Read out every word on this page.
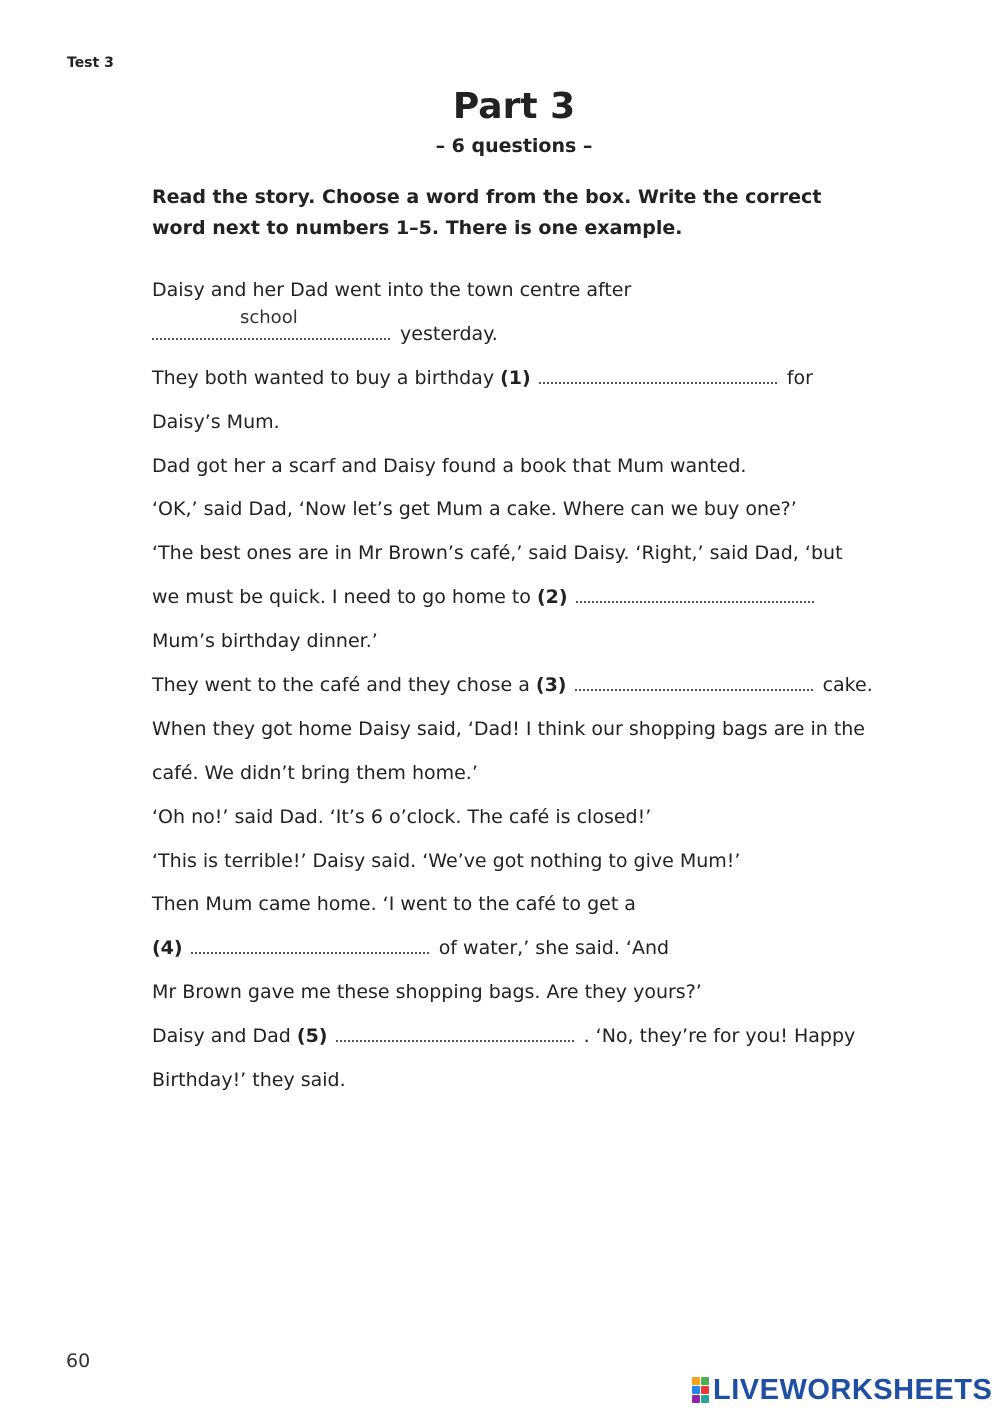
Test 3
Part 3
– 6 questions –

Read the story. Choose a word from the box. Write the correct word next to numbers 1–5. There is one example.

Daisy and her Dad went into the town centre after
school
yesterday.
They both wanted to buy a birthday (1)	for
Daisy’s Mum.
Dad got her a scarf and Daisy found a book that Mum wanted.
‘OK,’ said Dad, ‘Now let’s get Mum a cake. Where can we buy one?’
‘The best ones are in Mr Brown’s café,’ said Daisy. ‘Right,’ said Dad, ‘but
we must be quick. I need to go home to (2)
Mum’s birthday dinner.’
They went to the café and they chose a (3)	cake.
When they got home Daisy said, ‘Dad! I think our shopping bags are in the
café. We didn’t bring them home.’
‘Oh no!’ said Dad. ‘It’s 6 o’clock. The café is closed!’
‘This is terrible!’ Daisy said. ‘We’ve got nothing to give Mum!’
Then Mum came home. ‘I went to the café to get a
(4)	of water,’ she said. ‘And
Mr Brown gave me these shopping bags. Are they yours?’
Daisy and Dad (5)	. ‘No, they’re for you! Happy
Birthday!’ they said.
60
LIVEWORKSHEETS
